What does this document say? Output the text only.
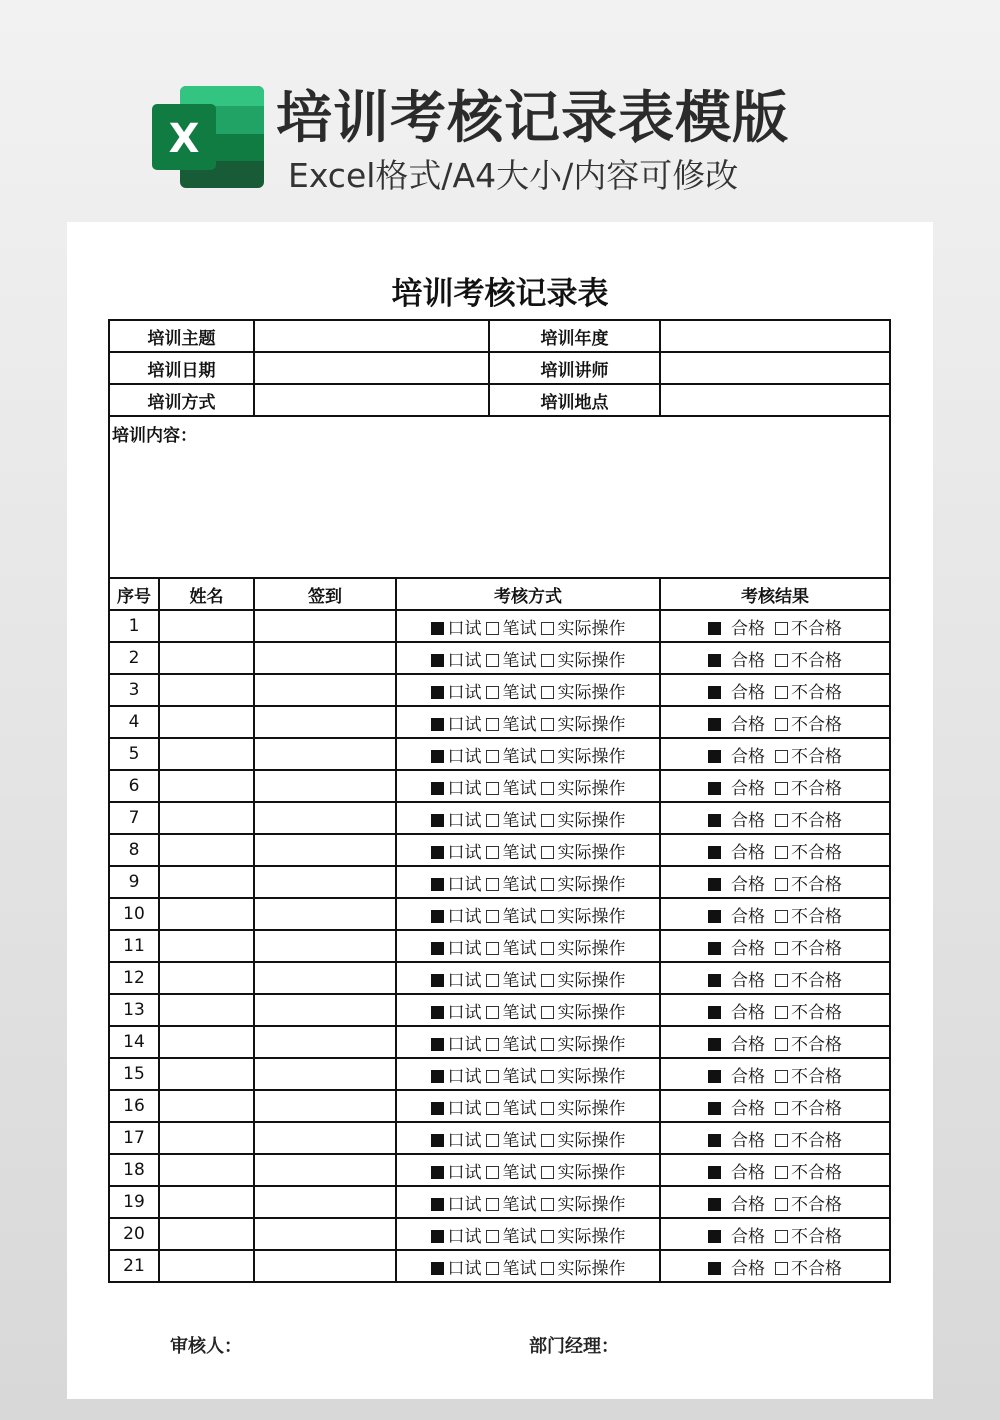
X 培训考核记录表模版
Excel格式/A4大小/内容可修改
培训考核记录表
培训主题				培训年度	
培训日期				培训讲师	
培训方式				培训地点	
培训内容：					
序号	姓名	签到	考核方式		考核结果
1			口试 笔试 实际操作		合格 不合格
2			口试 笔试 实际操作		合格 不合格
3			口试 笔试 实际操作		合格 不合格
4			口试 笔试 实际操作		合格 不合格
5			口试 笔试 实际操作		合格 不合格
6			口试 笔试 实际操作		合格 不合格
7			口试 笔试 实际操作		合格 不合格
8			口试 笔试 实际操作		合格 不合格
9			口试 笔试 实际操作		合格 不合格
10			口试 笔试 实际操作		合格 不合格
11			口试 笔试 实际操作		合格 不合格
12			口试 笔试 实际操作		合格 不合格
13			口试 笔试 实际操作		合格 不合格
14			口试 笔试 实际操作		合格 不合格
15			口试 笔试 实际操作		合格 不合格
16			口试 笔试 实际操作		合格 不合格
17			口试 笔试 实际操作		合格 不合格
18			口试 笔试 实际操作		合格 不合格
19			口试 笔试 实际操作		合格 不合格
20			口试 笔试 实际操作		合格 不合格
21			口试 笔试 实际操作		合格 不合格
审核人：	部门经理：
